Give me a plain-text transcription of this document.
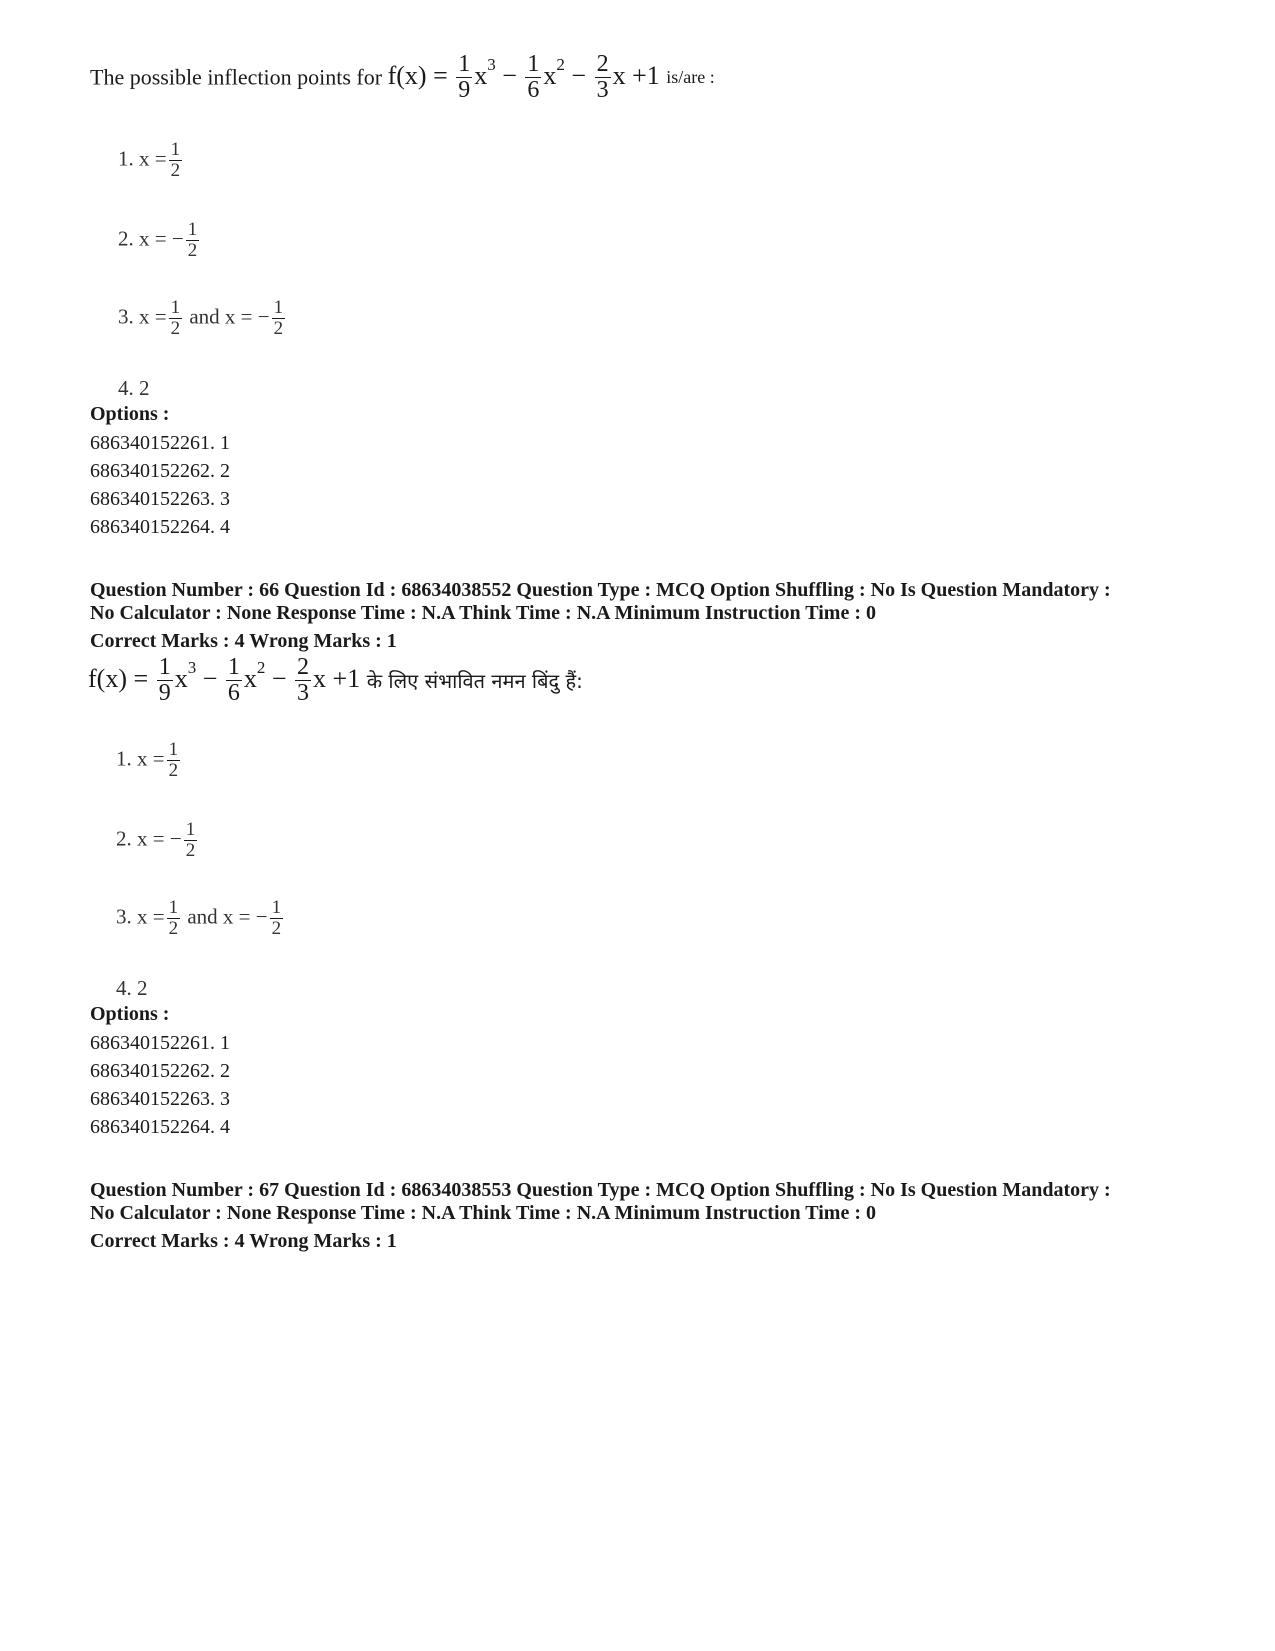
The possible inflection points for $f(x) = \frac{1}{9} x^3 - \frac{1}{6} x^2 - \frac{2}{3}$ x +1 is/are :
1. $x = \frac{1}{2}$
2. x = − $\frac{1}{2}$
3. $x = \frac{1}{2}$ and x = − $\frac{1}{2}$
4. 2
Options :
686340152261. 1
686340152262. 2
686340152263. 3
686340152264. 4
Question Number : 66 Question Id : 68634038552 Question Type : MCQ Option Shuffling : No Is Question Mandatory :
No Calculator : None Response Time : N.A Think Time : N.A Minimum Instruction Time : 0
Correct Marks : 4 Wrong Marks : 1
$f(x) = \frac{1}{9} x^3 - \frac{1}{6} x^2 - \frac{2}{3}$ x +1 के लिए संभावित नमन बिंदु हैं:
1. $x = \frac{1}{2}$
2. x = − $\frac{1}{2}$
3. $x = \frac{1}{2}$ and x = − $\frac{1}{2}$
4. 2
Options :
686340152261. 1
686340152262. 2
686340152263. 3
686340152264. 4
Question Number : 67 Question Id : 68634038553 Question Type : MCQ Option Shuffling : No Is Question Mandatory :
No Calculator : None Response Time : N.A Think Time : N.A Minimum Instruction Time : 0
Correct Marks : 4 Wrong Marks : 1
